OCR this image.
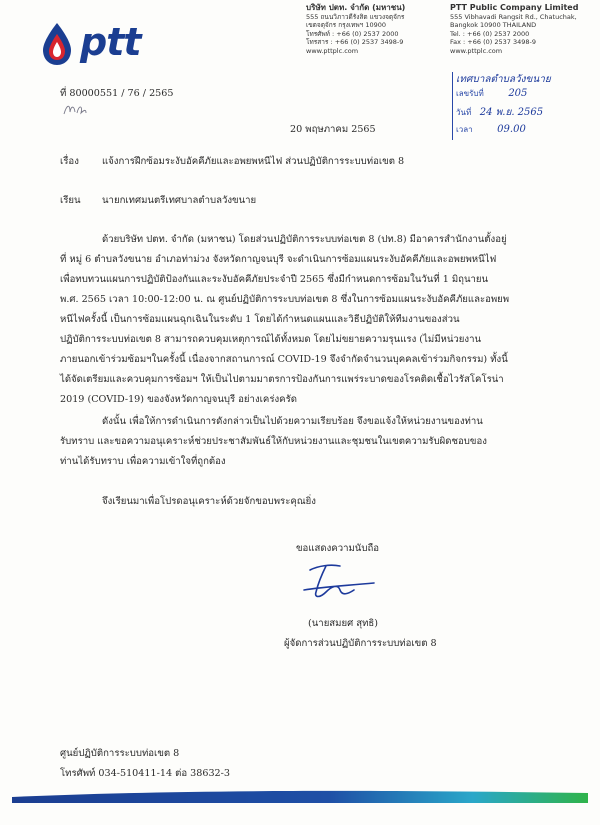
ptt
บริษัท ปตท. จำกัด (มหาชน)
555 ถนนวิภาวดีรังสิต แขวงจตุจักร
เขตจตุจักร กรุงเทพฯ 10900
โทรศัพท์ : +66 (0) 2537 2000
โทรสาร : +66 (0) 2537 3498-9
www.pttplc.com
PTT Public Company Limited
555 Vibhavadi Rangsit Rd., Chatuchak,
Bangkok 10900 THAILAND
Tel. : +66 (0) 2537 2000
Fax : +66 (0) 2537 3498-9
www.pttplc.com
เทศบาลตำบลวังขนาย
เลขรับที่ 205
วันที่ 24 พ.ย. 2565
เวลา 09.00
ที่ 80000551 / 76 / 2565
20 พฤษภาคม 2565
เรื่อง แจ้งการฝึกซ้อมระงับอัคคีภัยและอพยพหนีไฟ ส่วนปฏิบัติการระบบท่อเขต 8
เรียน นายกเทศมนตรีเทศบาลตำบลวังขนาย
ด้วยบริษัท ปตท. จำกัด (มหาชน) โดยส่วนปฏิบัติการระบบท่อเขต 8 (ปท.8) มีอาคารสำนักงานตั้งอยู่
ที่ หมู่ 6 ตำบลวังขนาย อำเภอท่าม่วง จังหวัดกาญจนบุรี จะดำเนินการซ้อมแผนระงับอัคคีภัยและอพยพหนีไฟ
เพื่อทบทวนแผนการปฏิบัติป้องกันและระงับอัคคีภัยประจำปี 2565 ซึ่งมีกำหนดการซ้อมในวันที่ 1 มิถุนายน
พ.ศ. 2565 เวลา 10:00-12:00 น. ณ ศูนย์ปฏิบัติการระบบท่อเขต 8 ซึ่งในการซ้อมแผนระงับอัคคีภัยและอพยพ
หนีไฟครั้งนี้ เป็นการซ้อมแผนฉุกเฉินในระดับ 1 โดยได้กำหนดแผนและวิธีปฏิบัติให้ทีมงานของส่วน
ปฏิบัติการระบบท่อเขต 8 สามารถควบคุมเหตุการณ์ได้ทั้งหมด โดยไม่ขยายความรุนแรง (ไม่มีหน่วยงาน
ภายนอกเข้าร่วมซ้อมฯในครั้งนี้ เนื่องจากสถานการณ์ COVID-19 จึงจำกัดจำนวนบุคคลเข้าร่วมกิจกรรม) ทั้งนี้
ได้จัดเตรียมและควบคุมการซ้อมฯ ให้เป็นไปตามมาตรการป้องกันการแพร่ระบาดของโรคติดเชื้อไวรัสโคโรน่า
2019 (COVID-19) ของจังหวัดกาญจนบุรี อย่างเคร่งครัด
ดังนั้น เพื่อให้การดำเนินการดังกล่าวเป็นไปด้วยความเรียบร้อย จึงขอแจ้งให้หน่วยงานของท่าน
รับทราบ และขอความอนุเคราะห์ช่วยประชาสัมพันธ์ให้กับหน่วยงานและชุมชนในเขตความรับผิดชอบของ
ท่านได้รับทราบ เพื่อความเข้าใจที่ถูกต้อง
จึงเรียนมาเพื่อโปรดอนุเคราะห์ด้วยจักขอบพระคุณยิ่ง
ขอแสดงความนับถือ
(นายสมยศ สุทธิ)
ผู้จัดการส่วนปฏิบัติการระบบท่อเขต 8
ศูนย์ปฏิบัติการระบบท่อเขต 8
โทรศัพท์ 034-510411-14 ต่อ 38632-3
